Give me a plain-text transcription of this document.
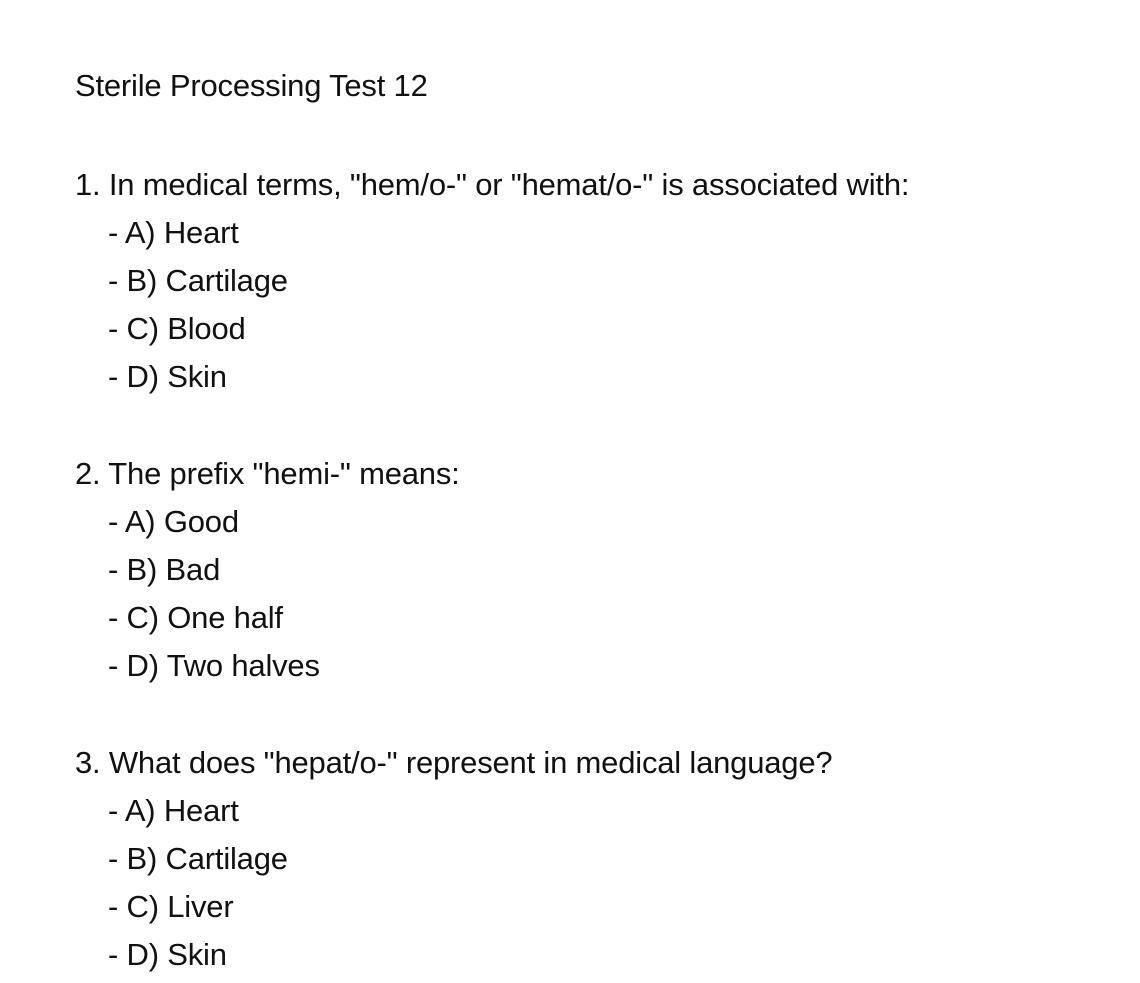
Sterile Processing Test 12
1. In medical terms, "hem/o-" or "hemat/o-" is associated with:
- A) Heart
- B) Cartilage
- C) Blood
- D) Skin
2. The prefix "hemi-" means:
- A) Good
- B) Bad
- C) One half
- D) Two halves
3. What does "hepat/o-" represent in medical language?
- A) Heart
- B) Cartilage
- C) Liver
- D) Skin
